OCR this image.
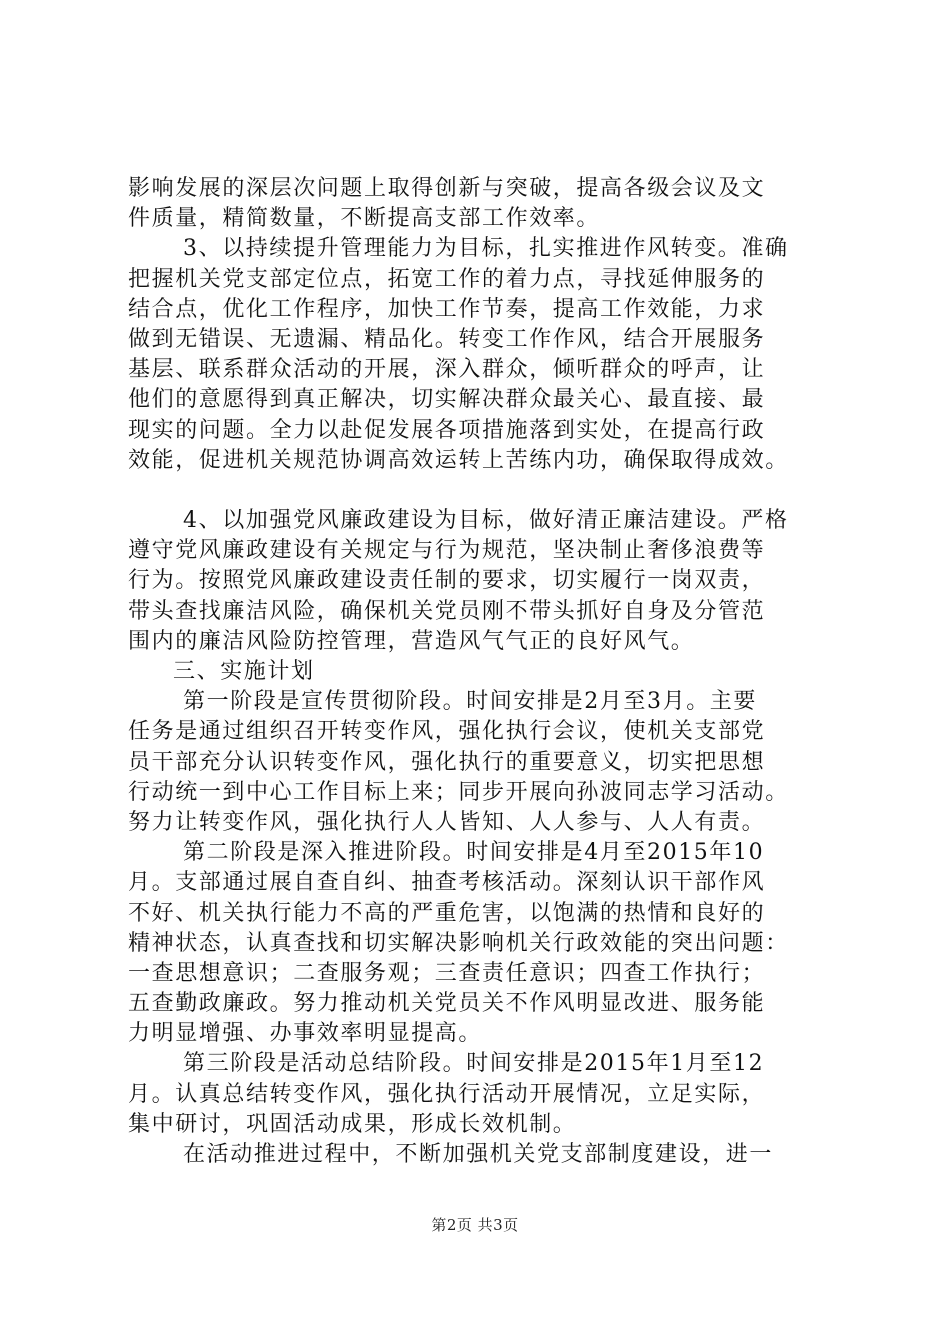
影响发展的深层次问题上取得创新与突破，提高各级会议及文
件质量，精简数量，不断提高支部工作效率。
3、以持续提升管理能力为目标，扎实推进作风转变。准确
把握机关党支部定位点，拓宽工作的着力点，寻找延伸服务的
结合点，优化工作程序，加快工作节奏，提高工作效能，力求
做到无错误、无遗漏、精品化。转变工作作风，结合开展服务
基层、联系群众活动的开展，深入群众，倾听群众的呼声，让
他们的意愿得到真正解决，切实解决群众最关心、最直接、最
现实的问题。全力以赴促发展各项措施落到实处，在提高行政
效能，促进机关规范协调高效运转上苦练内功，确保取得成效。
4、以加强党风廉政建设为目标，做好清正廉洁建设。严格
遵守党风廉政建设有关规定与行为规范，坚决制止奢侈浪费等
行为。按照党风廉政建设责任制的要求，切实履行一岗双责，
带头查找廉洁风险，确保机关党员刚不带头抓好自身及分管范
围内的廉洁风险防控管理，营造风气气正的良好风气。
三、实施计划
第一阶段是宣传贯彻阶段。时间安排是2月至3月。主要
任务是通过组织召开转变作风，强化执行会议，使机关支部党
员干部充分认识转变作风，强化执行的重要意义，切实把思想
行动统一到中心工作目标上来；同步开展向孙波同志学习活动。
努力让转变作风，强化执行人人皆知、人人参与、人人有责。
第二阶段是深入推进阶段。时间安排是4月至2015年10
月。支部通过展自查自纠、抽查考核活动。深刻认识干部作风
不好、机关执行能力不高的严重危害，以饱满的热情和良好的
精神状态，认真查找和切实解决影响机关行政效能的突出问题：
一查思想意识；二查服务观；三查责任意识；四查工作执行；
五查勤政廉政。努力推动机关党员关不作风明显改进、服务能
力明显增强、办事效率明显提高。
第三阶段是活动总结阶段。时间安排是2015年1月至12
月。认真总结转变作风，强化执行活动开展情况，立足实际，
集中研讨，巩固活动成果，形成长效机制。
在活动推进过程中，不断加强机关党支部制度建设，进一
第2页 共3页
